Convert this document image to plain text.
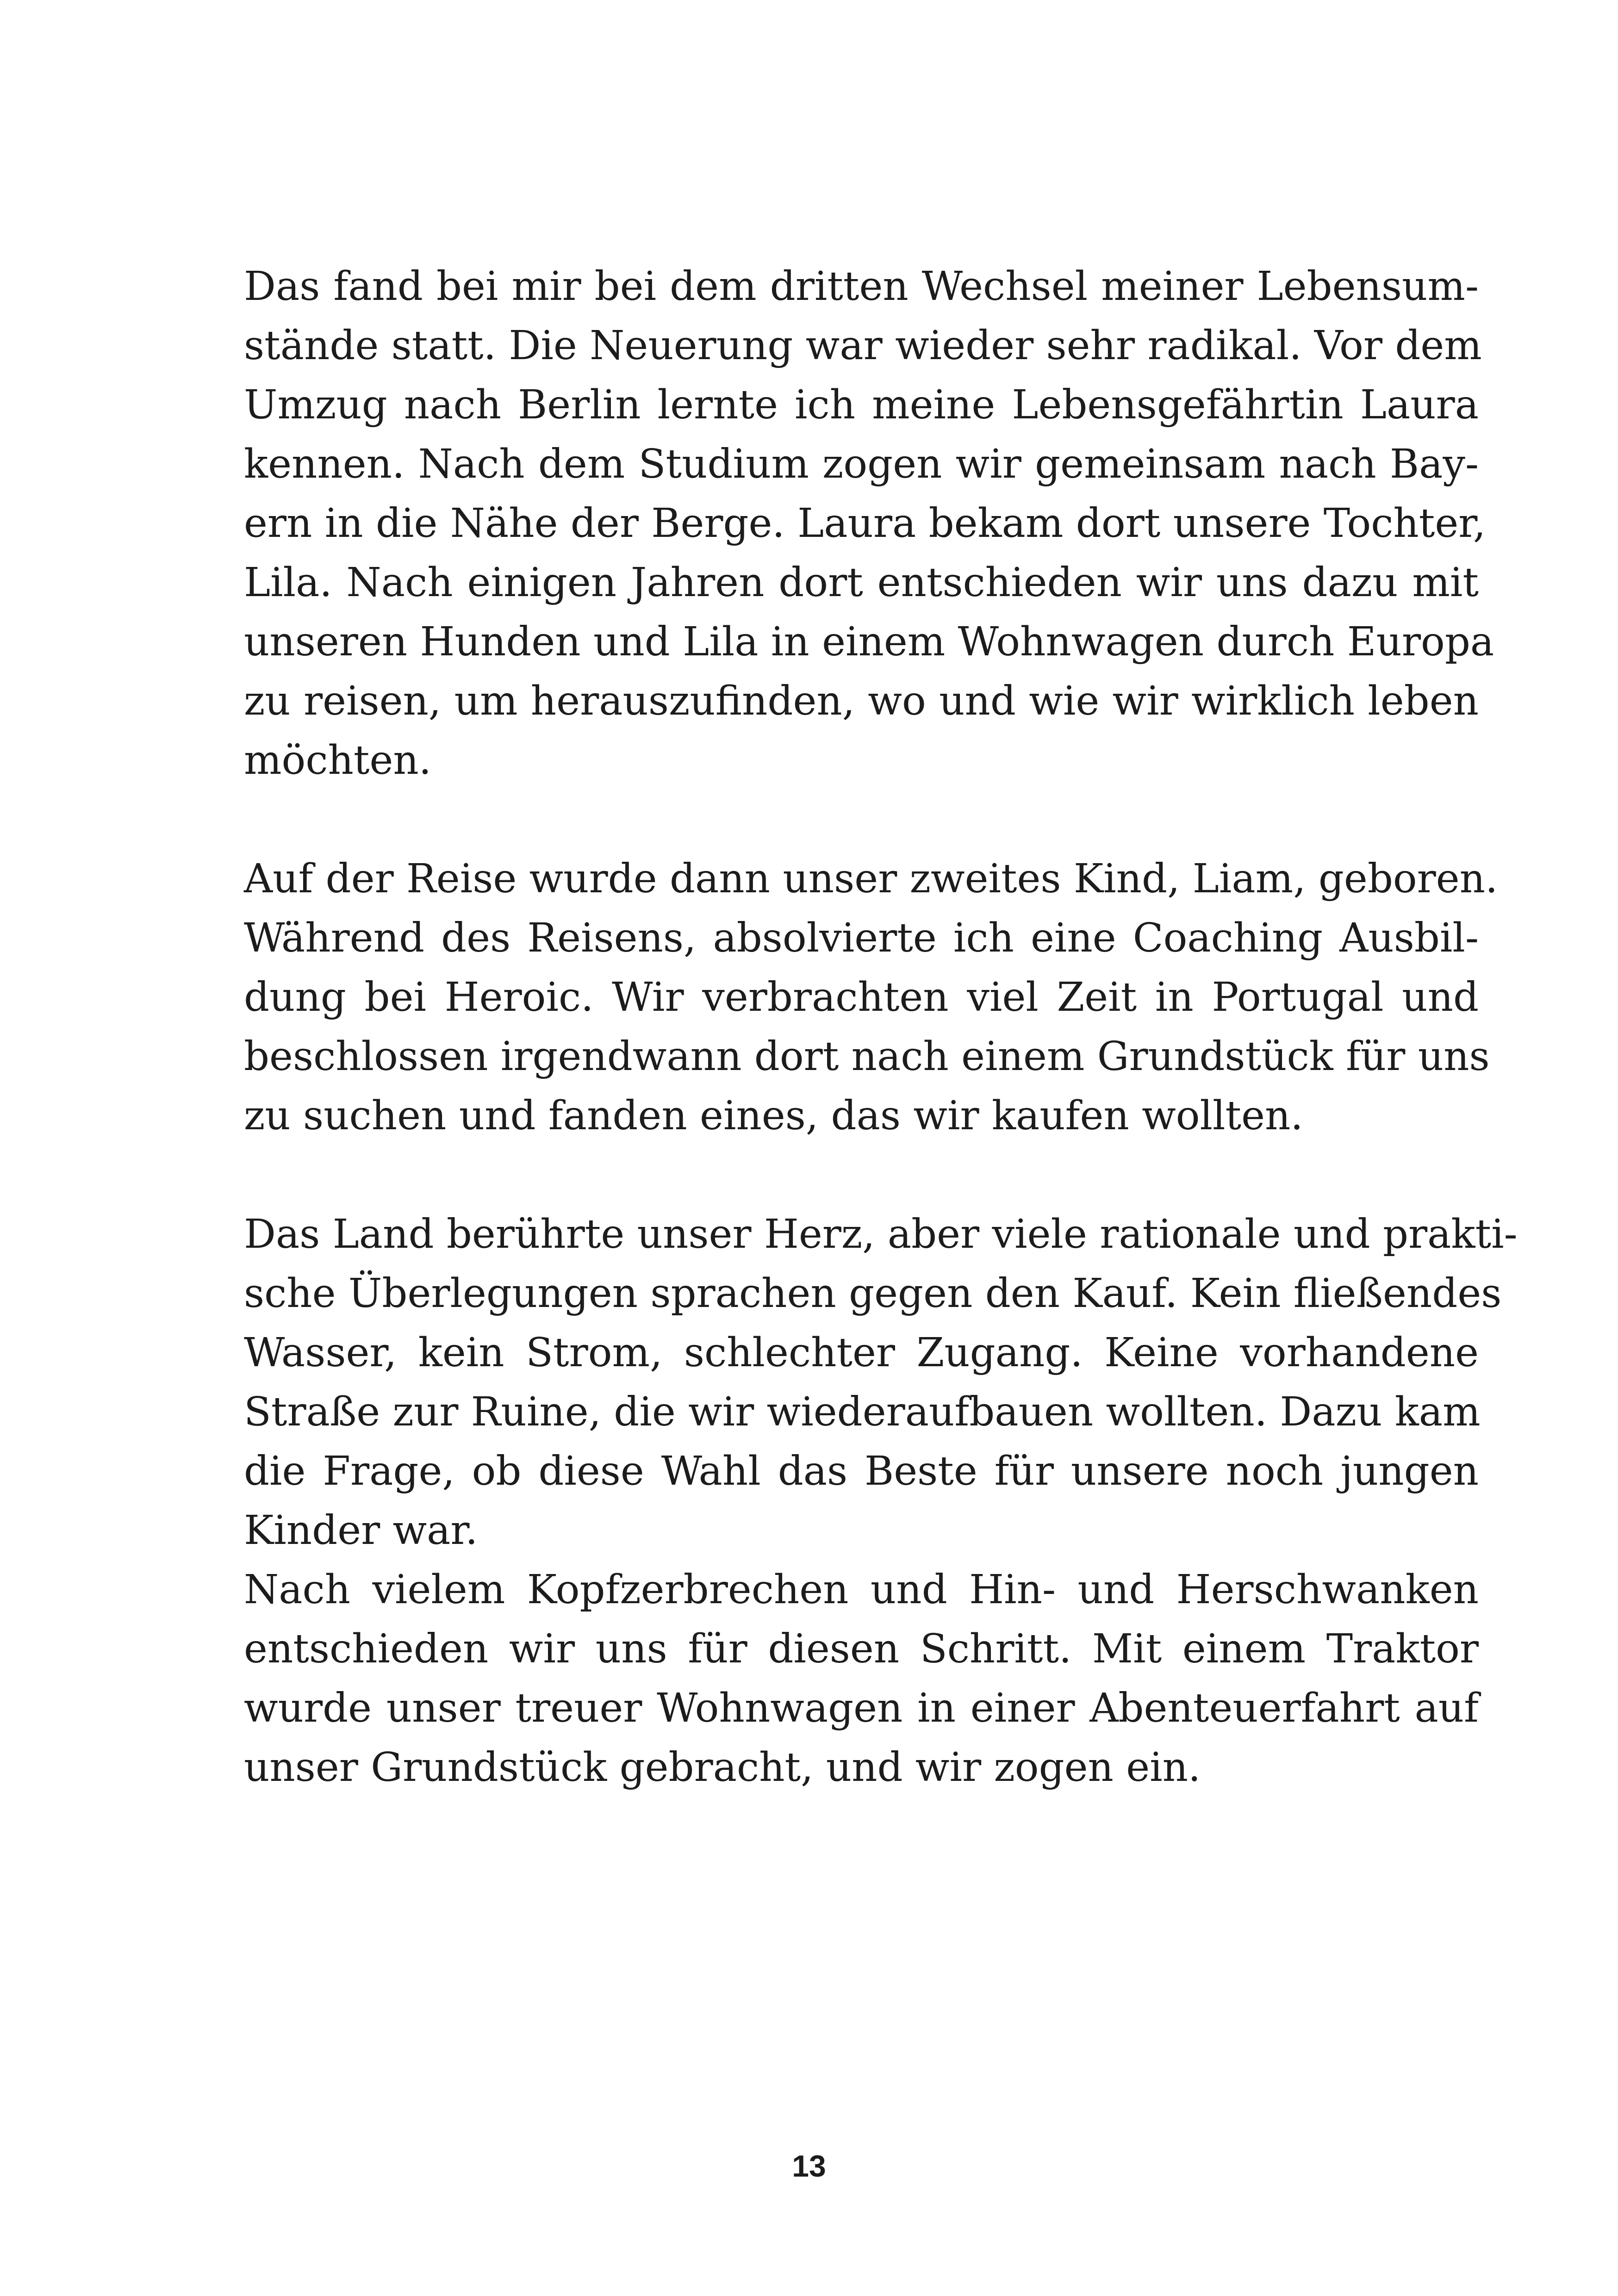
Das fand bei mir bei dem dritten Wechsel meiner Lebensum-
stände statt. Die Neuerung war wieder sehr radikal. Vor dem
Umzug nach Berlin lernte ich meine Lebensgefährtin Laura
kennen. Nach dem Studium zogen wir gemeinsam nach Bay-
ern in die Nähe der Berge. Laura bekam dort unsere Tochter,
Lila. Nach einigen Jahren dort entschieden wir uns dazu mit
unseren Hunden und Lila in einem Wohnwagen durch Europa
zu reisen, um herauszufinden, wo und wie wir wirklich leben
möchten.
Auf der Reise wurde dann unser zweites Kind, Liam, geboren.
Während des Reisens, absolvierte ich eine Coaching Ausbil-
dung bei Heroic. Wir verbrachten viel Zeit in Portugal und
beschlossen irgendwann dort nach einem Grundstück für uns
zu suchen und fanden eines, das wir kaufen wollten.
Das Land berührte unser Herz, aber viele rationale und prakti-
sche Überlegungen sprachen gegen den Kauf. Kein fließendes
Wasser, kein Strom, schlechter Zugang. Keine vorhandene
Straße zur Ruine, die wir wiederaufbauen wollten. Dazu kam
die Frage, ob diese Wahl das Beste für unsere noch jungen
Kinder war.
Nach vielem Kopfzerbrechen und Hin- und Herschwanken
entschieden wir uns für diesen Schritt. Mit einem Traktor
wurde unser treuer Wohnwagen in einer Abenteuerfahrt auf
unser Grundstück gebracht, und wir zogen ein.
13
